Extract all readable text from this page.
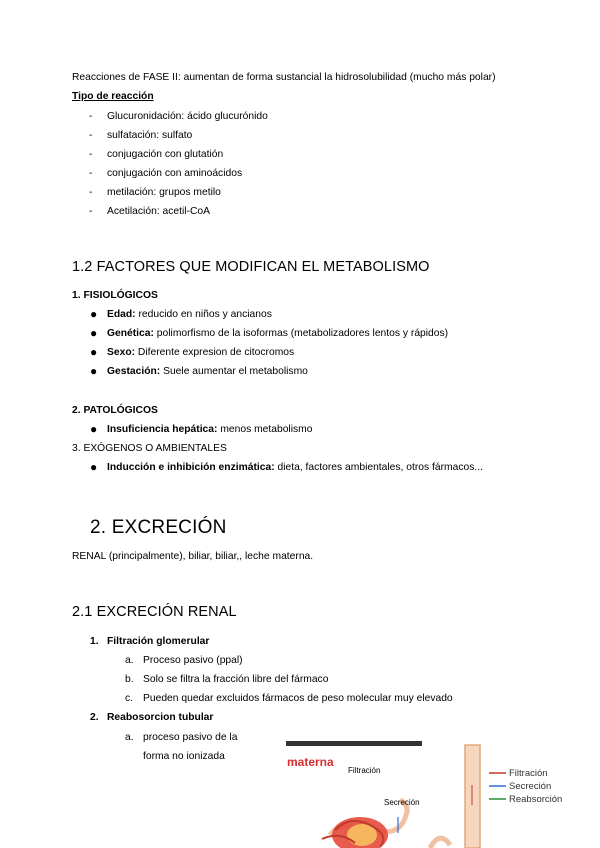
Reacciones de FASE II: aumentan de forma sustancial la hidrosolubilidad (mucho más polar)
Tipo de reacción
- Glucuronidación: ácido glucurónido
- sulfatación: sulfato
- conjugación con glutatión
- conjugación con aminoácidos
- metilación: grupos metilo
- Acetilación: acetil-CoA
1.2 FACTORES QUE MODIFICAN EL METABOLISMO
1. FISIOLÓGICOS
● Edad: reducido en niños y ancianos
● Genética: polimorfismo de la isoformas (metabolizadores lentos y rápidos)
● Sexo: Diferente expresion de citocromos
● Gestación: Suele aumentar el metabolismo
2. PATOLÓGICOS
● Insuficiencia hepática: menos metabolismo
3. EXÓGENOS O AMBIENTALES
● Inducción e inhibición enzimática: dieta, factores ambientales, otros fármacos...
2. EXCRECIÓN
RENAL (principalmente), biliar, biliar,, leche materna.
2.1 EXCRECIÓN RENAL
1. Filtración glomerular
a. Proceso pasivo (ppal)
b. Solo se filtra la fracción libre del fármaco
c. Pueden quedar excluidos fármacos de peso molecular muy elevado
2. Reabosorcion tubular
a. proceso pasivo de la
forma no ionizada	materna
Filtración
Secreción
Filtración
Secreción
Reabsorción
